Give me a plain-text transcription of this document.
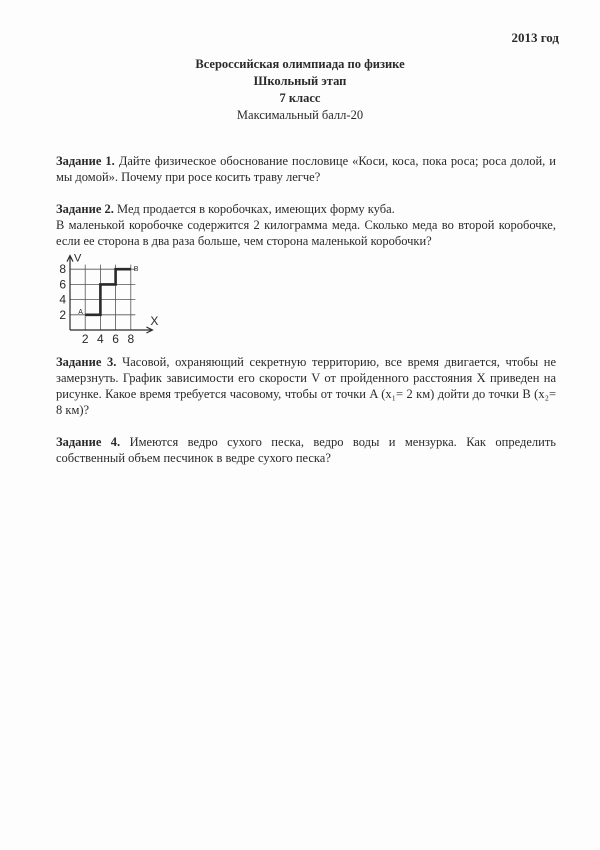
2013 год
Всероссийская олимпиада по физике
Школьный этап
7 класс
Максимальный балл-20
Задание 1. Дайте физическое обоснование пословице «Коси, коса, пока роса; роса долой, и мы домой». Почему при росе косить траву легче?
Задание 2. Мед продается в коробочках, имеющих форму куба.
В маленькой коробочке содержится 2 килограмма меда. Сколько меда во второй коробочке, если ее сторона в два раза больше, чем сторона маленькой коробочки?
2 4 6 8
2
4
6
8
X
V
A
B
Задание 3. Часовой, охраняющий секретную территорию, все время двигается, чтобы не замерзнуть. График зависимости его скорости V от пройденного расстояния X приведен на рисунке. Какое время требуется часовому, чтобы от точки A (x₁= 2 км) дойти до точки B (x₂= 8 км)?
Задание 4. Имеются ведро сухого песка, ведро воды и мензурка. Как определить собственный объем песчинок в ведре сухого песка?
